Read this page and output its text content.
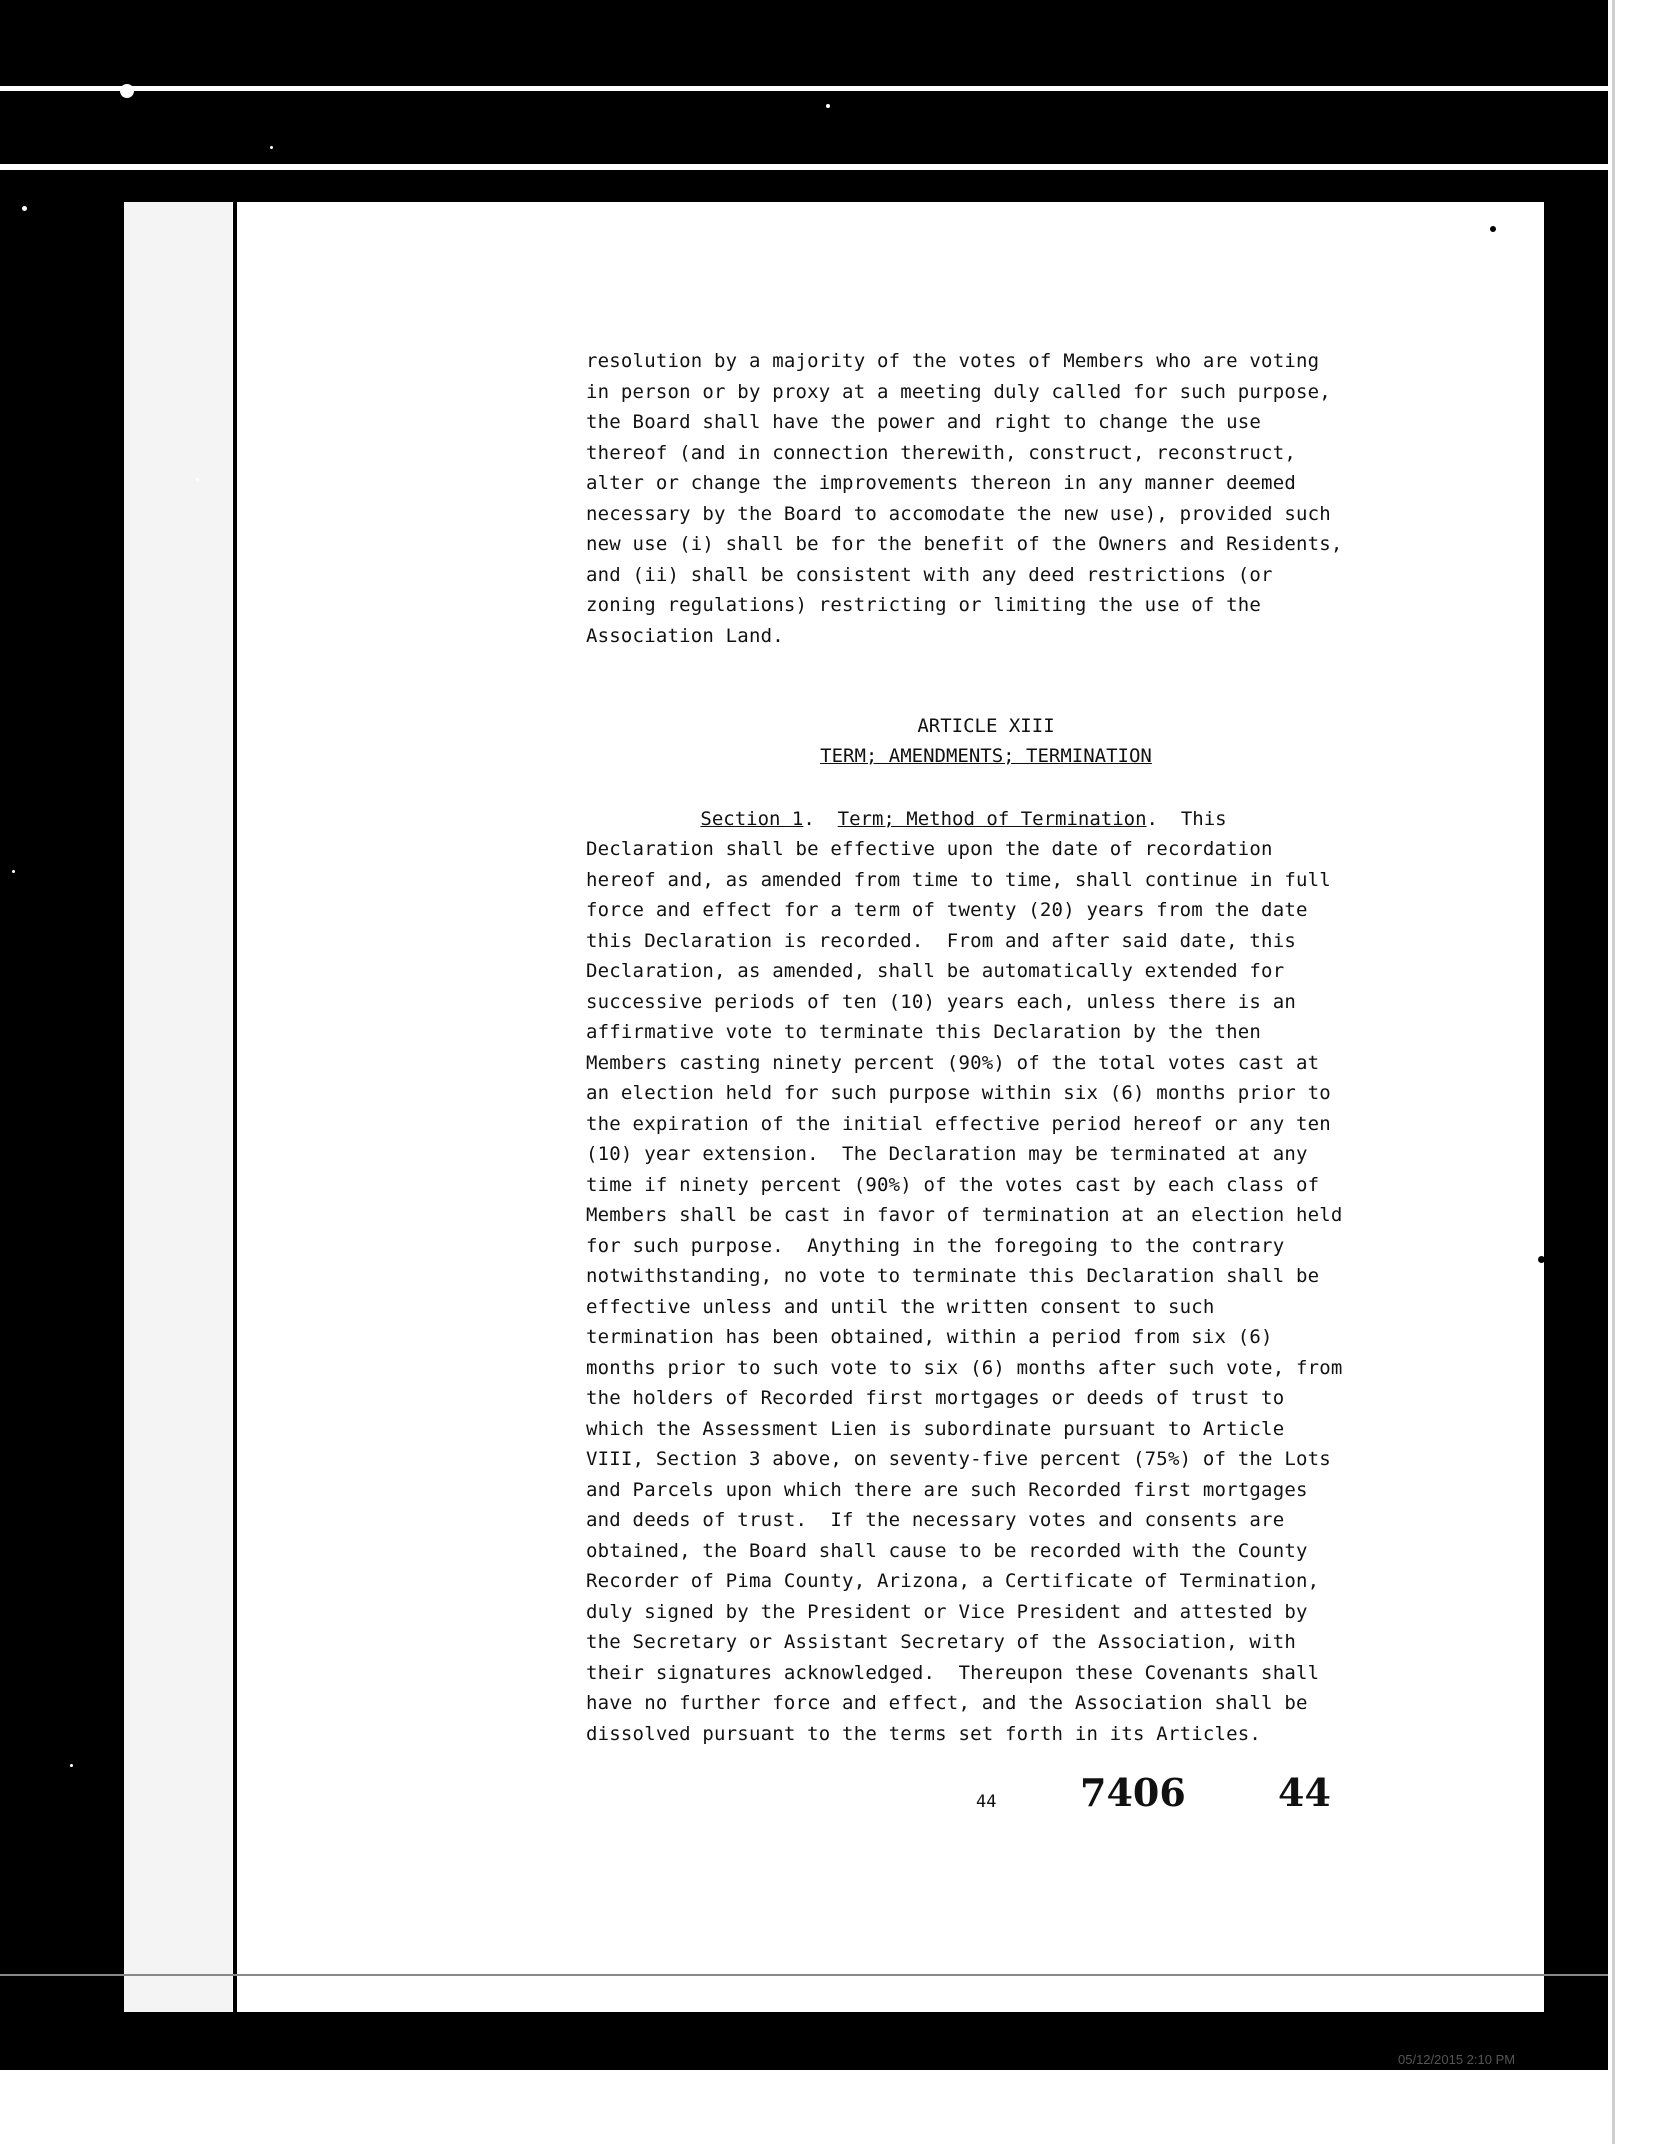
resolution by a majority of the votes of Members who are voting
in person or by proxy at a meeting duly called for such purpose,
the Board shall have the power and right to change the use
thereof (and in connection therewith, construct, reconstruct,
alter or change the improvements thereon in any manner deemed
necessary by the Board to accomodate the new use), provided such
new use (i) shall be for the benefit of the Owners and Residents,
and (ii) shall be consistent with any deed restrictions (or
zoning regulations) restricting or limiting the use of the
Association Land.

ARTICLE XIII

TERM; AMENDMENTS; TERMINATION

Section 1.  Term; Method of Termination.  This

Declaration shall be effective upon the date of recordation
hereof and, as amended from time to time, shall continue in full
force and effect for a term of twenty (20) years from the date
this Declaration is recorded.  From and after said date, this
Declaration, as amended, shall be automatically extended for
successive periods of ten (10) years each, unless there is an
affirmative vote to terminate this Declaration by the then
Members casting ninety percent (90%) of the total votes cast at
an election held for such purpose within six (6) months prior to
the expiration of the initial effective period hereof or any ten
(10) year extension.  The Declaration may be terminated at any
time if ninety percent (90%) of the votes cast by each class of
Members shall be cast in favor of termination at an election held
for such purpose.  Anything in the foregoing to the contrary
notwithstanding, no vote to terminate this Declaration shall be
effective unless and until the written consent to such
termination has been obtained, within a period from six (6)
months prior to such vote to six (6) months after such vote, from
the holders of Recorded first mortgages or deeds of trust to
which the Assessment Lien is subordinate pursuant to Article
VIII, Section 3 above, on seventy-five percent (75%) of the Lots
and Parcels upon which there are such Recorded first mortgages
and deeds of trust.  If the necessary votes and consents are
obtained, the Board shall cause to be recorded with the County
Recorder of Pima County, Arizona, a Certificate of Termination,
duly signed by the President or Vice President and attested by
the Secretary or Assistant Secretary of the Association, with
their signatures acknowledged.  Thereupon these Covenants shall
have no further force and effect, and the Association shall be
dissolved pursuant to the terms set forth in its Articles.

44 7406 44

05/12/2015 2:10 PM
